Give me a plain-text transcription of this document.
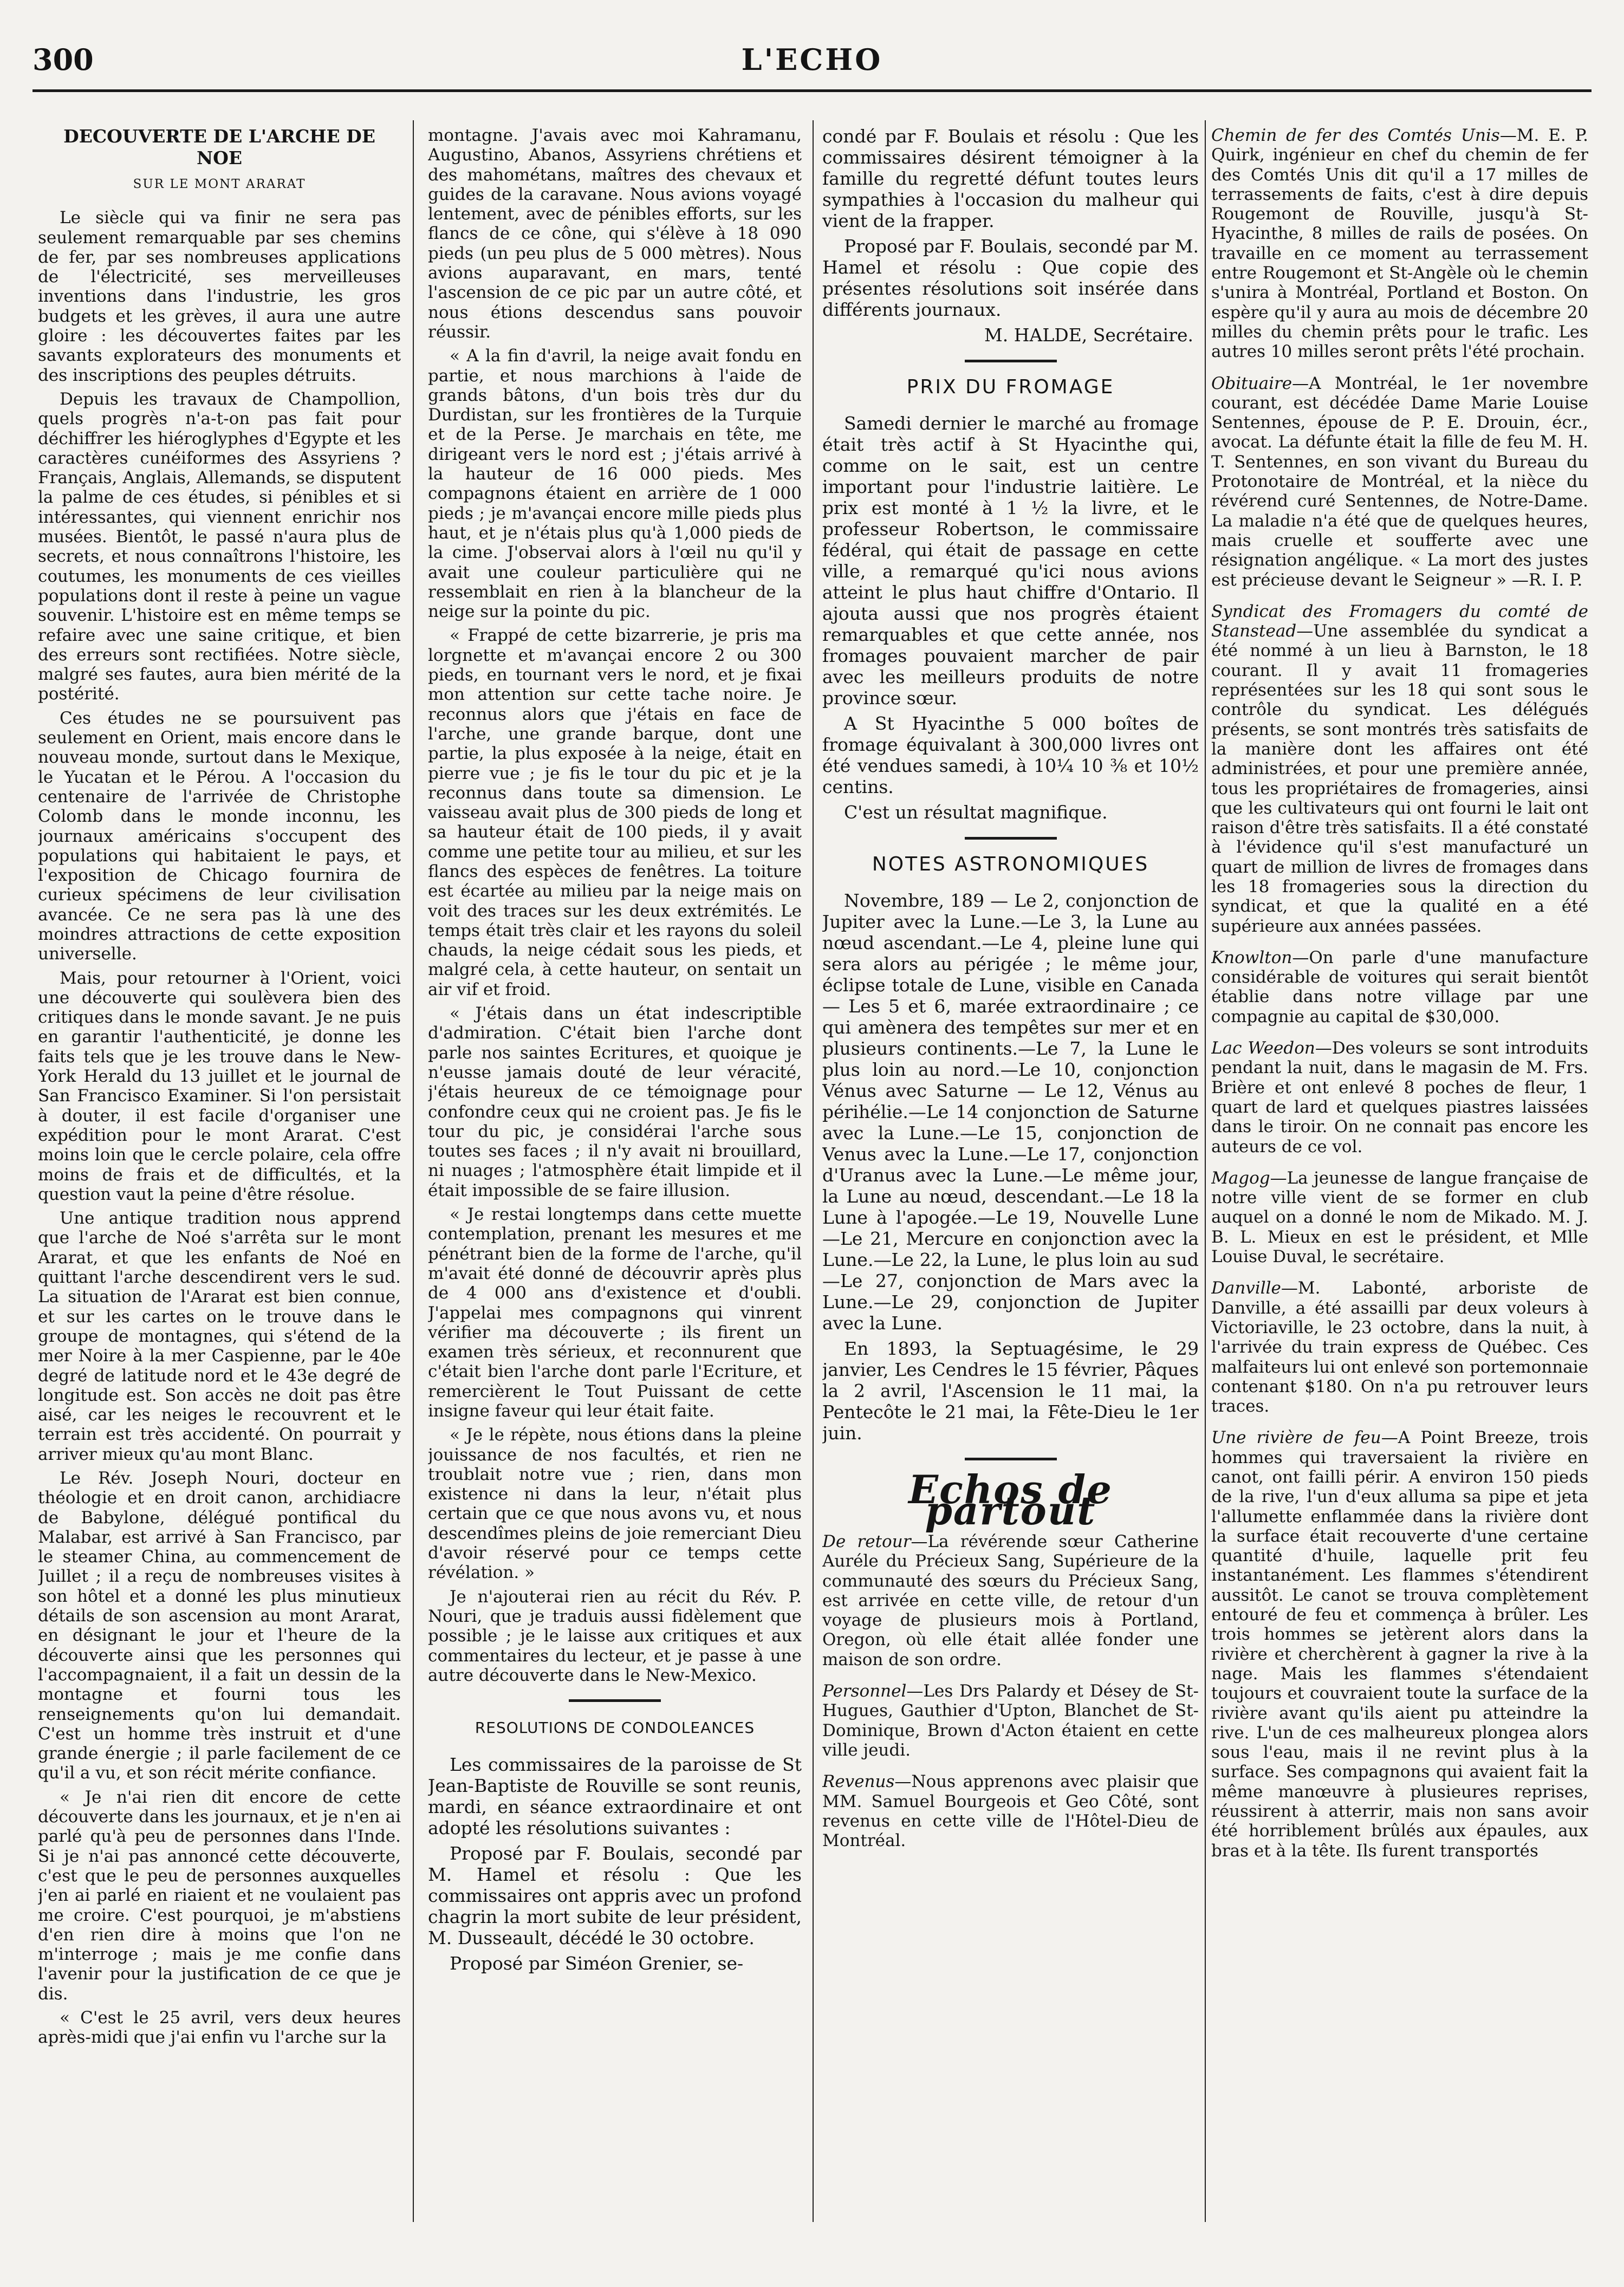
300	L'ECHO
DECOUVERTE DE L'ARCHE DE NOE
SUR LE MONT ARARAT

Le siècle qui va finir ne sera pas seulement remarquable par ses chemins de fer, par ses nombreuses applications de l'électricité, ses merveilleuses inventions dans l'industrie, les gros budgets et les grèves, il aura une autre gloire : les découvertes faites par les savants explorateurs des monuments et des inscriptions des peuples détruits.

Depuis les travaux de Champollion, quels progrès n'a-t-on pas fait pour déchiffrer les hiéroglyphes d'Egypte et les caractères cunéiformes des Assyriens ? Français, Anglais, Allemands, se disputent la palme de ces études, si pénibles et si intéressantes, qui viennent enrichir nos musées. Bientôt, le passé n'aura plus de secrets, et nous connaîtrons l'histoire, les coutumes, les monuments de ces vieilles populations dont il reste à peine un vague souvenir. L'histoire est en même temps se refaire avec une saine critique, et bien des erreurs sont rectifiées. Notre siècle, malgré ses fautes, aura bien mérité de la postérité.

Ces études ne se poursuivent pas seulement en Orient, mais encore dans le nouveau monde, surtout dans le Mexique, le Yucatan et le Pérou. A l'occasion du centenaire de l'arrivée de Christophe Colomb dans le monde inconnu, les journaux américains s'occupent des populations qui habitaient le pays, et l'exposition de Chicago fournira de curieux spécimens de leur civilisation avancée. Ce ne sera pas là une des moindres attractions de cette exposition universelle.

Mais, pour retourner à l'Orient, voici une découverte qui soulèvera bien des critiques dans le monde savant. Je ne puis en garantir l'authenticité, je donne les faits tels que je les trouve dans le New-York Herald du 13 juillet et le journal de San Francisco Examiner. Si l'on persistait à douter, il est facile d'organiser une expédition pour le mont Ararat. C'est moins loin que le cercle polaire, cela offre moins de frais et de difficultés, et la question vaut la peine d'être résolue.

Une antique tradition nous apprend que l'arche de Noé s'arrêta sur le mont Ararat, et que les enfants de Noé en quittant l'arche descendirent vers le sud. La situation de l'Ararat est bien connue, et sur les cartes on le trouve dans le groupe de montagnes, qui s'étend de la mer Noire à la mer Caspienne, par le 40e degré de latitude nord et le 43e degré de longitude est. Son accès ne doit pas être aisé, car les neiges le recouvrent et le terrain est très accidenté. On pourrait y arriver mieux qu'au mont Blanc.

Le Rév. Joseph Nouri, docteur en théologie et en droit canon, archidiacre de Babylone, délégué pontifical du Malabar, est arrivé à San Francisco, par le steamer China, au commencement de Juillet ; il a reçu de nombreuses visites à son hôtel et a donné les plus minutieux détails de son ascension au mont Ararat, en désignant le jour et l'heure de la découverte ainsi que les personnes qui l'accompagnaient, il a fait un dessin de la montagne et fourni tous les renseignements qu'on lui demandait. C'est un homme très instruit et d'une grande énergie ; il parle facilement de ce qu'il a vu, et son récit mérite confiance.

« Je n'ai rien dit encore de cette découverte dans les journaux, et je n'en ai parlé qu'à peu de personnes dans l'Inde. Si je n'ai pas annoncé cette découverte, c'est que le peu de personnes auxquelles j'en ai parlé en riaient et ne voulaient pas me croire. C'est pourquoi, je m'abstiens d'en rien dire à moins que l'on ne m'interroge ; mais je me confie dans l'avenir pour la justification de ce que je dis.

« C'est le 25 avril, vers deux heures après-midi que j'ai enfin vu l'arche sur la

montagne. J'avais avec moi Kahramanu, Augustino, Abanos, Assyriens chrétiens et des mahométans, maîtres des chevaux et guides de la caravane. Nous avions voyagé lentement, avec de pénibles efforts, sur les flancs de ce cône, qui s'élève à 18 090 pieds (un peu plus de 5 000 mètres). Nous avions auparavant, en mars, tenté l'ascension de ce pic par un autre côté, et nous étions descendus sans pouvoir réussir.

« A la fin d'avril, la neige avait fondu en partie, et nous marchions à l'aide de grands bâtons, d'un bois très dur du Durdistan, sur les frontières de la Turquie et de la Perse. Je marchais en tête, me dirigeant vers le nord est ; j'étais arrivé à la hauteur de 16 000 pieds. Mes compagnons étaient en arrière de 1 000 pieds ; je m'avançai encore mille pieds plus haut, et je n'étais plus qu'à 1,000 pieds de la cime. J'observai alors à l'œil nu qu'il y avait une couleur particulière qui ne ressemblait en rien à la blancheur de la neige sur la pointe du pic.

« Frappé de cette bizarrerie, je pris ma lorgnette et m'avançai encore 2 ou 300 pieds, en tournant vers le nord, et je fixai mon attention sur cette tache noire. Je reconnus alors que j'étais en face de l'arche, une grande barque, dont une partie, la plus exposée à la neige, était en pierre vue ; je fis le tour du pic et je la reconnus dans toute sa dimension. Le vaisseau avait plus de 300 pieds de long et sa hauteur était de 100 pieds, il y avait comme une petite tour au milieu, et sur les flancs des espèces de fenêtres. La toiture est écartée au milieu par la neige mais on voit des traces sur les deux extrémités. Le temps était très clair et les rayons du soleil chauds, la neige cédait sous les pieds, et malgré cela, à cette hauteur, on sentait un air vif et froid.

« J'étais dans un état indescriptible d'admiration. C'était bien l'arche dont parle nos saintes Ecritures, et quoique je n'eusse jamais douté de leur véracité, j'étais heureux de ce témoignage pour confondre ceux qui ne croient pas. Je fis le tour du pic, je considérai l'arche sous toutes ses faces ; il n'y avait ni brouillard, ni nuages ; l'atmosphère était limpide et il était impossible de se faire illusion.

« Je restai longtemps dans cette muette contemplation, prenant les mesures et me pénétrant bien de la forme de l'arche, qu'il m'avait été donné de découvrir après plus de 4 000 ans d'existence et d'oubli. J'appelai mes compagnons qui vinrent vérifier ma découverte ; ils firent un examen très sérieux, et reconnurent que c'était bien l'arche dont parle l'Ecriture, et remercièrent le Tout Puissant de cette insigne faveur qui leur était faite.

« Je le répète, nous étions dans la pleine jouissance de nos facultés, et rien ne troublait notre vue ; rien, dans mon existence ni dans la leur, n'était plus certain que ce que nous avons vu, et nous descendîmes pleins de joie remerciant Dieu d'avoir réservé pour ce temps cette révélation. »

Je n'ajouterai rien au récit du Rév. P. Nouri, que je traduis aussi fidèlement que possible ; je le laisse aux critiques et aux commentaires du lecteur, et je passe à une autre découverte dans le New-Mexico.

RESOLUTIONS DE CONDOLEANCES

Les commissaires de la paroisse de St Jean-Baptiste de Rouville se sont reunis, mardi, en séance extraordinaire et ont adopté les résolutions suivantes :

Proposé par F. Boulais, secondé par M. Hamel et résolu : Que les commissaires ont appris avec un profond chagrin la mort subite de leur président, M. Dusseault, décédé le 30 octobre.

Proposé par Siméon Grenier, se-

condé par F. Boulais et résolu : Que les commissaires désirent témoigner à la famille du regretté défunt toutes leurs sympathies à l'occasion du malheur qui vient de la frapper.

Proposé par F. Boulais, secondé par M. Hamel et résolu : Que copie des présentes résolutions soit insérée dans différents journaux.

M. HALDE, Secrétaire.
PRIX DU FROMAGE

Samedi dernier le marché au fromage était très actif à St Hyacinthe qui, comme on le sait, est un centre important pour l'industrie laitière. Le prix est monté à 1 ½ la livre, et le professeur Robertson, le commissaire fédéral, qui était de passage en cette ville, a remarqué qu'ici nous avions atteint le plus haut chiffre d'Ontario. Il ajouta aussi que nos progrès étaient remarquables et que cette année, nos fromages pouvaient marcher de pair avec les meilleurs produits de notre province sœur.

A St Hyacinthe 5 000 boîtes de fromage équivalant à 300,000 livres ont été vendues samedi, à 10¼ 10 ⅜ et 10½ centins.

C'est un résultat magnifique.

NOTES ASTRONOMIQUES

Novembre, 189 — Le 2, conjonction de Jupiter avec la Lune.—Le 3, la Lune au nœud ascendant.—Le 4, pleine lune qui sera alors au périgée ; le même jour, éclipse totale de Lune, visible en Canada — Les 5 et 6, marée extraordinaire ; ce qui amènera des tempêtes sur mer et en plusieurs continents.—Le 7, la Lune le plus loin au nord.—Le 10, conjonction Vénus avec Saturne — Le 12, Vénus au périhélie.—Le 14 conjonction de Saturne avec la Lune.—Le 15, conjonction de Venus avec la Lune.—Le 17, conjonction d'Uranus avec la Lune.—Le même jour, la Lune au nœud, descendant.—Le 18 la Lune à l'apogée.—Le 19, Nouvelle Lune —Le 21, Mercure en conjonction avec la Lune.—Le 22, la Lune, le plus loin au sud —Le 27, conjonction de Mars avec la Lune.—Le 29, conjonction de Jupiter avec la Lune.

En 1893, la Septuagésime, le 29 janvier, Les Cendres le 15 février, Pâques la 2 avril, l'Ascension le 11 mai, la Pentecôte le 21 mai, la Fête-Dieu le 1er juin.

Echos de partout

De retour—La révérende sœur Catherine Auréle du Précieux Sang, Supérieure de la communauté des sœurs du Précieux Sang, est arrivée en cette ville, de retour d'un voyage de plusieurs mois à Portland, Oregon, où elle était allée fonder une maison de son ordre.

Personnel—Les Drs Palardy et Désey de St-Hugues, Gauthier d'Upton, Blanchet de St-Dominique, Brown d'Acton étaient en cette ville jeudi.

Revenus—Nous apprenons avec plaisir que MM. Samuel Bourgeois et Geo Côté, sont revenus en cette ville de l'Hôtel-Dieu de Montréal.

Chemin de fer des Comtés Unis—M. E. P. Quirk, ingénieur en chef du chemin de fer des Comtés Unis dit qu'il a 17 milles de terrassements de faits, c'est à dire depuis Rougemont de Rouville, jusqu'à St-Hyacinthe, 8 milles de rails de posées. On travaille en ce moment au terrassement entre Rougemont et St-Angèle où le chemin s'unira à Montréal, Portland et Boston. On espère qu'il y aura au mois de décembre 20 milles du chemin prêts pour le trafic. Les autres 10 milles seront prêts l'été prochain.

Obituaire—A Montréal, le 1er novembre courant, est décédée Dame Marie Louise Sentennes, épouse de P. E. Drouin, écr., avocat. La défunte était la fille de feu M. H. T. Sentennes, en son vivant du Bureau du Protonotaire de Montréal, et la nièce du révérend curé Sentennes, de Notre-Dame. La maladie n'a été que de quelques heures, mais cruelle et soufferte avec une résignation angélique. « La mort des justes est précieuse devant le Seigneur » —R. I. P.

Syndicat des Fromagers du comté de Stanstead—Une assemblée du syndicat a été nommé à un lieu à Barnston, le 18 courant. Il y avait 11 fromageries représentées sur les 18 qui sont sous le contrôle du syndicat. Les délégués présents, se sont montrés très satisfaits de la manière dont les affaires ont été administrées, et pour une première année, tous les propriétaires de fromageries, ainsi que les cultivateurs qui ont fourni le lait ont raison d'être très satisfaits. Il a été constaté à l'évidence qu'il s'est manufacturé un quart de million de livres de fromages dans les 18 fromageries sous la direction du syndicat, et que la qualité en a été supérieure aux années passées.

Knowlton—On parle d'une manufacture considérable de voitures qui serait bientôt établie dans notre village par une compagnie au capital de $30,000.

Lac Weedon—Des voleurs se sont introduits pendant la nuit, dans le magasin de M. Frs. Brière et ont enlevé 8 poches de fleur, 1 quart de lard et quelques piastres laissées dans le tiroir. On ne connait pas encore les auteurs de ce vol.

Magog—La jeunesse de langue française de notre ville vient de se former en club auquel on a donné le nom de Mikado. M. J. B. L. Mieux en est le président, et Mlle Louise Duval, le secrétaire.

Danville—M. Labonté, arboriste de Danville, a été assailli par deux voleurs à Victoriaville, le 23 octobre, dans la nuit, à l'arrivée du train express de Québec. Ces malfaiteurs lui ont enlevé son portemonnaie contenant $180. On n'a pu retrouver leurs traces.

Une rivière de feu—A Point Breeze, trois hommes qui traversaient la rivière en canot, ont failli périr. A environ 150 pieds de la rive, l'un d'eux alluma sa pipe et jeta l'allumette enflammée dans la rivière dont la surface était recouverte d'une certaine quantité d'huile, laquelle prit feu instantanément. Les flammes s'étendirent aussitôt. Le canot se trouva complètement entouré de feu et commença à brûler. Les trois hommes se jetèrent alors dans la rivière et cherchèrent à gagner la rive à la nage. Mais les flammes s'étendaient toujours et couvraient toute la surface de la rivière avant qu'ils aient pu atteindre la rive. L'un de ces malheureux plongea alors sous l'eau, mais il ne revint plus à la surface. Ses compagnons qui avaient fait la même manœuvre à plusieures reprises, réussirent à atterrir, mais non sans avoir été horriblement brûlés aux épaules, aux bras et à la tête. Ils furent transportés
